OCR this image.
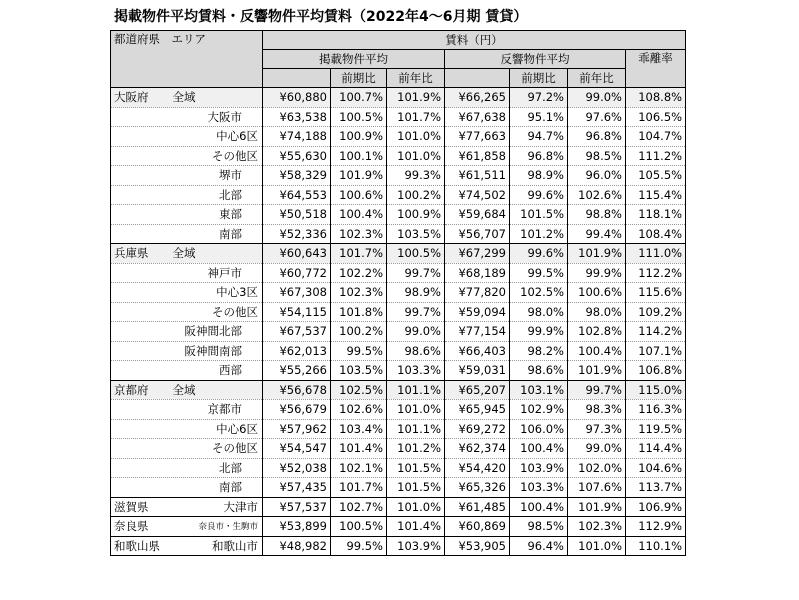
掲載物件平均賃料・反響物件平均賃料（2022年4～6月期 賃貸）
都道府県　エリア	賃料（円）						
	掲載物件平均			反響物件平均			乖離率
		前期比	前年比		前期比	前年比	

大阪府 全域	¥60,880	100.7%	101.9%	¥66,265	97.2%	99.0%	108.8%

大阪市	¥63,538	100.5%	101.7%	¥67,638	95.1%	97.6%	106.5%

中心6区	¥74,188	100.9%	101.0%	¥77,663	94.7%	96.8%	104.7%

その他区	¥55,630	100.1%	101.0%	¥61,858	96.8%	98.5%	111.2%

堺市	¥58,329	101.9%	99.3%	¥61,511	98.9%	96.0%	105.5%

北部	¥64,553	100.6%	100.2%	¥74,502	99.6%	102.6%	115.4%

東部	¥50,518	100.4%	100.9%	¥59,684	101.5%	98.8%	118.1%

南部	¥52,336	102.3%	103.5%	¥56,707	101.2%	99.4%	108.4%

兵庫県 全域	¥60,643	101.7%	100.5%	¥67,299	99.6%	101.9%	111.0%

神戸市	¥60,772	102.2%	99.7%	¥68,189	99.5%	99.9%	112.2%

中心3区	¥67,308	102.3%	98.9%	¥77,820	102.5%	100.6%	115.6%

その他区	¥54,115	101.8%	99.7%	¥59,094	98.0%	98.0%	109.2%

阪神間北部	¥67,537	100.2%	99.0%	¥77,154	99.9%	102.8%	114.2%

阪神間南部	¥62,013	99.5%	98.6%	¥66,403	98.2%	100.4%	107.1%

西部	¥55,266	103.5%	103.3%	¥59,031	98.6%	101.9%	106.8%

京都府 全域	¥56,678	102.5%	101.1%	¥65,207	103.1%	99.7%	115.0%

京都市	¥56,679	102.6%	101.0%	¥65,945	102.9%	98.3%	116.3%

中心6区	¥57,962	103.4%	101.1%	¥69,272	106.0%	97.3%	119.5%

その他区	¥54,547	101.4%	101.2%	¥62,374	100.4%	99.0%	114.4%

北部	¥52,038	102.1%	101.5%	¥54,420	103.9%	102.0%	104.6%

南部	¥57,435	101.7%	101.5%	¥65,326	103.3%	107.6%	113.7%

滋賀県 大津市	¥57,537	102.7%	101.0%	¥61,485	100.4%	101.9%	106.9%

奈良県 奈良市・生駒市	¥53,899	100.5%	101.4%	¥60,869	98.5%	102.3%	112.9%

和歌山県 和歌山市	¥48,982	99.5%	103.9%	¥53,905	96.4%	101.0%	110.1%
